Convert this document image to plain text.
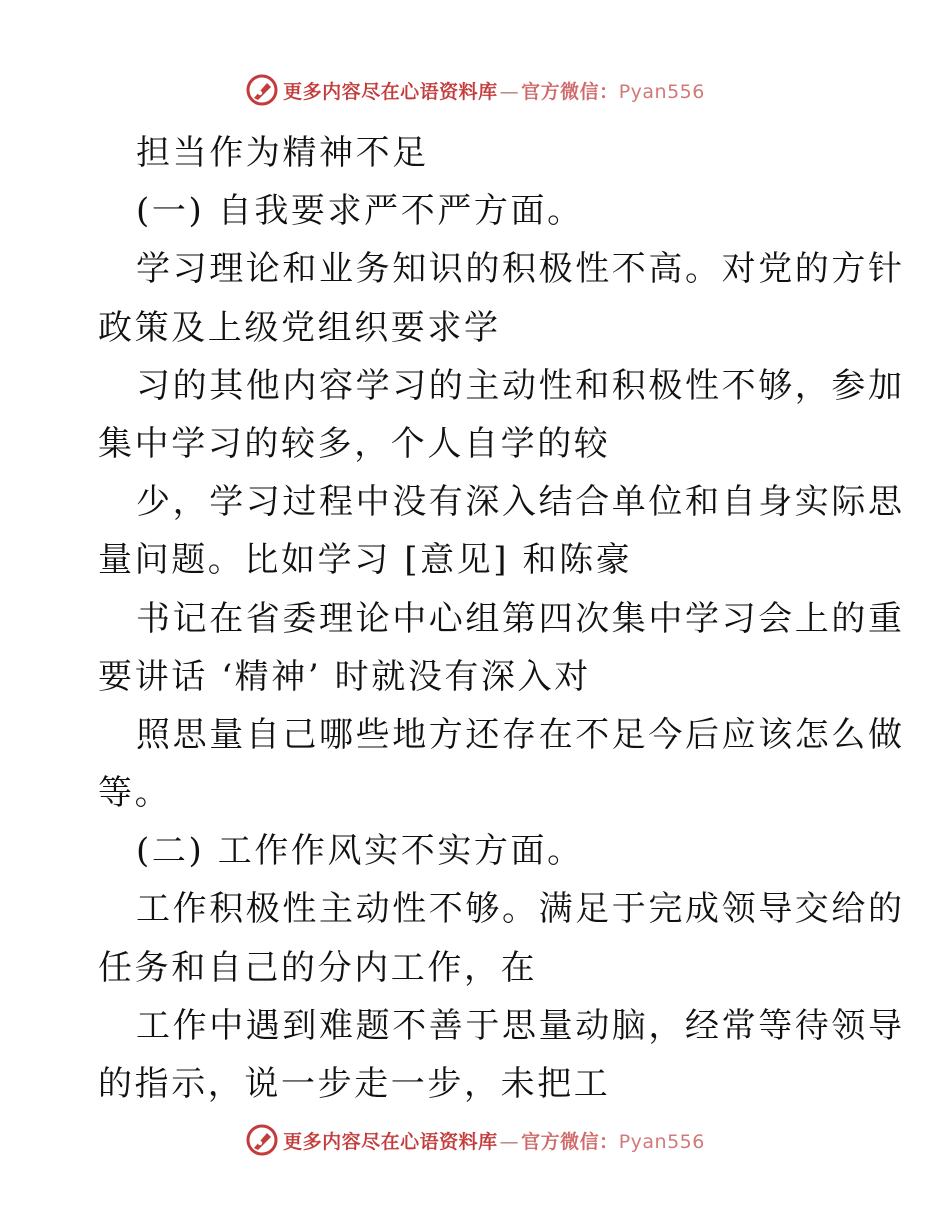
更多内容尽在心语资料库 — 官方微信：Pyan556
担当作为精神不足
(一) 自我要求严不严方面。
学习理论和业务知识的积极性不高。对党的方针
政策及上级党组织要求学
习的其他内容学习的主动性和积极性不够，参加
集中学习的较多，个人自学的较
少，学习过程中没有深入结合单位和自身实际思
量问题。比如学习 [意见] 和陈豪
书记在省委理论中心组第四次集中学习会上的重
要讲话 ‘精神’ 时就没有深入对
照思量自己哪些地方还存在不足今后应该怎么做
等。
(二) 工作作风实不实方面。
工作积极性主动性不够。满足于完成领导交给的
任务和自己的分内工作，在
工作中遇到难题不善于思量动脑，经常等待领导
的指示，说一步走一步，未把工
更多内容尽在心语资料库 — 官方微信：Pyan556
